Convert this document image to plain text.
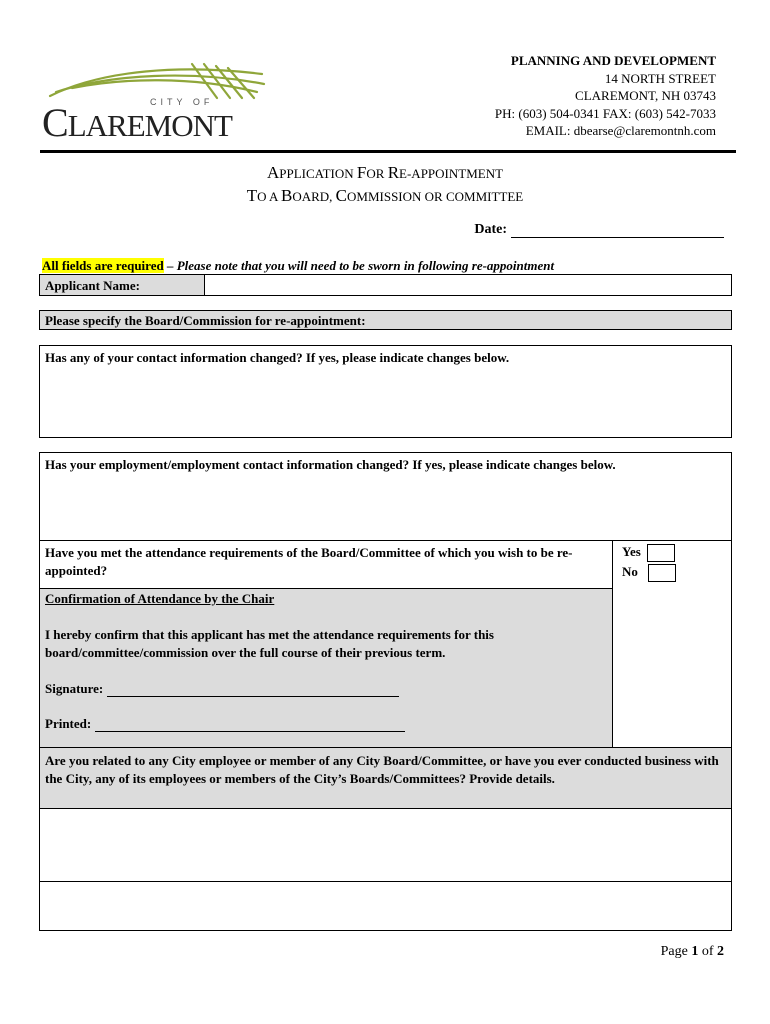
CITY OF
CLAREMONT
PLANNING AND DEVELOPMENT
14 NORTH STREET
CLAREMONT, NH 03743
PH: (603) 504-0341 FAX: (603) 542-7033
EMAIL: dbearse@claremontnh.com
APPLICATION FOR RE-APPOINTMENT
TO A BOARD, COMMISSION OR COMMITTEE
Date:
All fields are required – Please note that you will need to be sworn in following re-appointment
Applicant Name:
Please specify the Board/Commission for re-appointment:
Has any of your contact information changed? If yes, please indicate changes below.
Has your employment/employment contact information changed? If yes, please indicate changes below.
Have you met the attendance requirements of the Board/Committee of which you wish to be re-appointed?
Yes
No
Confirmation of Attendance by the Chair
I hereby confirm that this applicant has met the attendance requirements for this board/committee/commission over the full course of their previous term.
Signature:
Printed:
Are you related to any City employee or member of any City Board/Committee, or have you ever conducted business with the City, any of its employees or members of the City’s Boards/Committees? Provide details.
Page 1 of 2
